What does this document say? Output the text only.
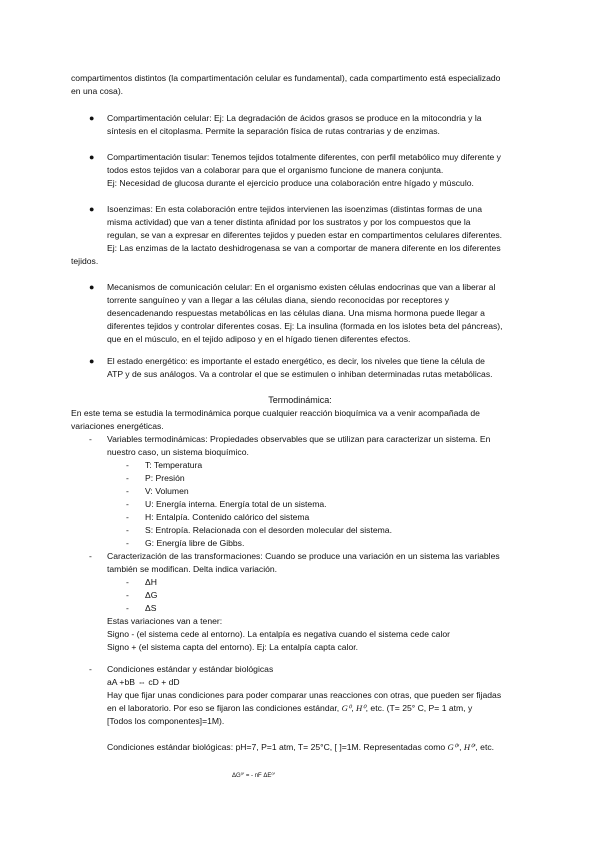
compartimentos distintos (la compartimentación celular es fundamental), cada compartimento está especializado
en una cosa).
● Compartimentación celular: Ej: La degradación de ácidos grasos se produce en la mitocondria y la
síntesis en el citoplasma. Permite la separación física de rutas contrarias y de enzimas.
● Compartimentación tisular: Tenemos tejidos totalmente diferentes, con perfil metabólico muy diferente y
todos estos tejidos van a colaborar para que el organismo funcione de manera conjunta.
Ej: Necesidad de glucosa durante el ejercicio produce una colaboración entre hígado y músculo.
● Isoenzimas: En esta colaboración entre tejidos intervienen las isoenzimas (distintas formas de una
misma actividad) que van a tener distinta afinidad por los sustratos y por los compuestos que la
regulan, se van a expresar en diferentes tejidos y pueden estar en compartimentos celulares diferentes.
Ej: Las enzimas de la lactato deshidrogenasa se van a comportar de manera diferente en los diferentes
tejidos.
● Mecanismos de comunicación celular: En el organismo existen células endocrinas que van a liberar al
torrente sanguíneo y van a llegar a las células diana, siendo reconocidas por receptores y
desencadenando respuestas metabólicas en las células diana. Una misma hormona puede llegar a
diferentes tejidos y controlar diferentes cosas. Ej: La insulina (formada en los islotes beta del páncreas),
que en el músculo, en el tejido adiposo y en el hígado tienen diferentes efectos.
● El estado energético: es importante el estado energético, es decir, los niveles que tiene la célula de
ATP y de sus análogos. Va a controlar el que se estimulen o inhiban determinadas rutas metabólicas.
Termodinámica:
En este tema se estudia la termodinámica porque cualquier reacción bioquímica va a venir acompañada de
variaciones energéticas.
- Variables termodinámicas: Propiedades observables que se utilizan para caracterizar un sistema. En
nuestro caso, un sistema bioquímico.
- T: Temperatura
- P: Presión
- V: Volumen
- U: Energía interna. Energía total de un sistema.
- H: Entalpía. Contenido calórico del sistema
- S: Entropía. Relacionada con el desorden molecular del sistema.
- G: Energía libre de Gibbs.
- Caracterización de las transformaciones: Cuando se produce una variación en un sistema las variables
también se modifican. Delta indica variación.
- ΔH
- ΔG
- ΔS
Estas variaciones van a tener:
Signo - (el sistema cede al entorno). La entalpía es negativa cuando el sistema cede calor
Signo + (el sistema capta del entorno). Ej: La entalpía capta calor.
- Condiciones estándar y estándar biológicas
aA +bB ⇔ cD + dD
Hay que fijar unas condiciones para poder comparar unas reacciones con otras, que pueden ser fijadas
en el laboratorio. Por eso se fijaron las condiciones estándar, G⁰, H⁰, etc. (T= 25° C, P= 1 atm, y
[Todos los componentes]=1M).
Condiciones estándar biológicas: pH=7, P=1 atm, T= 25°C, [ ]=1M. Representadas como G⁰′, H⁰′, etc.
ΔG⁰′ = - nF ΔE⁰′
